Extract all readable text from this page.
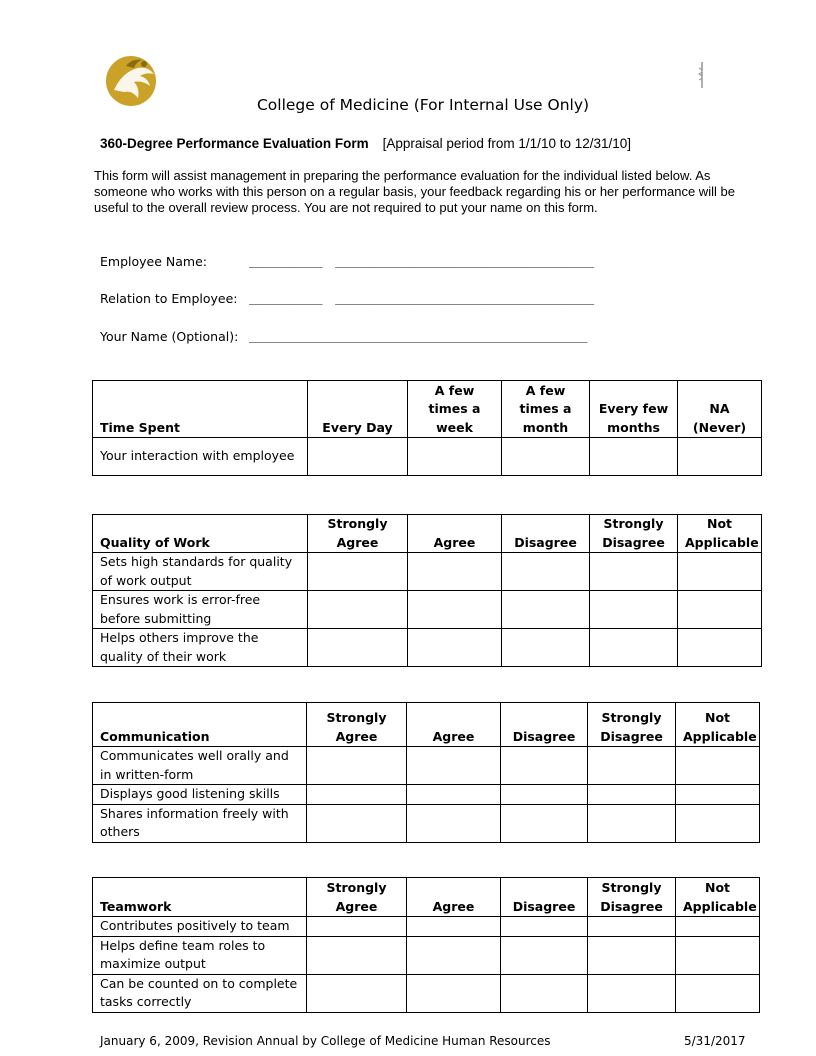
College of Medicine (For Internal Use Only)
360-Degree Performance Evaluation Form [Appraisal period from 1/1/10 to 12/31/10]
This form will assist management in preparing the performance evaluation for the individual listed below. As someone who works with this person on a regular basis, your feedback regarding his or her performance will be useful to the overall review process. You are not required to put your name on this form.
Employee Name:	___________  _______________________________________
Relation to Employee: ___________  _______________________________________
Your Name (Optional): ___________________________________________________
Time Spent	Every Day	A few times a week	A few times a month	Every few months	NA (Never)
Your interaction with employee					
Quality of Work	Strongly Agree	Agree	Disagree	Strongly Disagree	Not Applicable
Sets high standards for quality of work output					
Ensures work is error-free before submitting					
Helps others improve the quality of their work					
Communication	Strongly Agree	Agree	Disagree	Strongly Disagree	Not Applicable
Communicates well orally and in written-form					
Displays good listening skills					
Shares information freely with others					
Teamwork	Strongly Agree	Agree	Disagree	Strongly Disagree	Not Applicable
Contributes positively to team					
Helps define team roles to maximize output					
Can be counted on to complete tasks correctly					
January 6, 2009, Revision Annual by College of Medicine Human Resources	5/31/2017
